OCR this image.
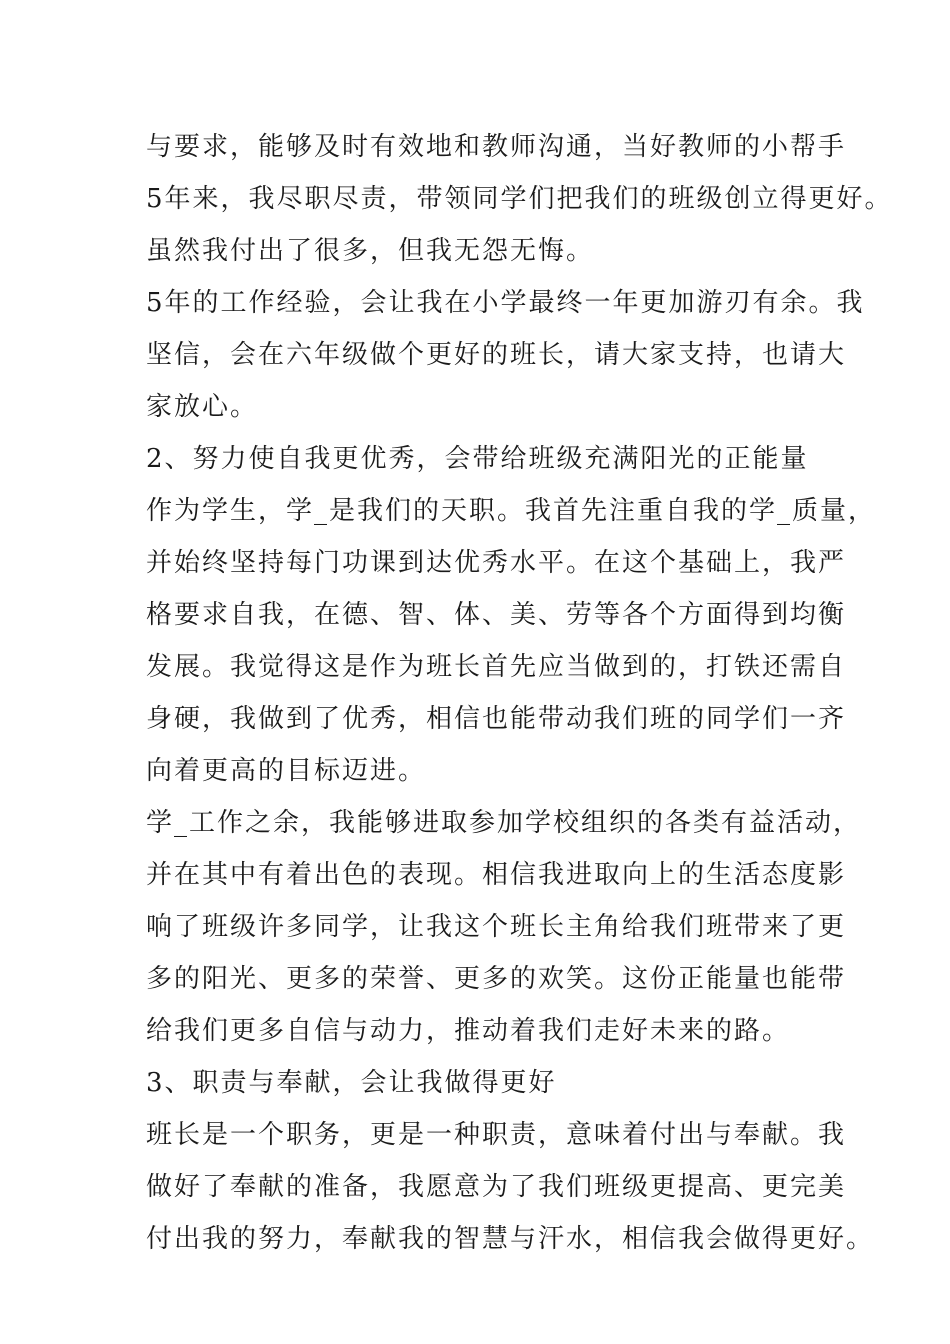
与要求，能够及时有效地和教师沟通，当好教师的小帮手
5年来，我尽职尽责，带领同学们把我们的班级创立得更好。
虽然我付出了很多，但我无怨无悔。
5年的工作经验，会让我在小学最终一年更加游刃有余。我
坚信，会在六年级做个更好的班长，请大家支持，也请大
家放心。
2、努力使自我更优秀，会带给班级充满阳光的正能量
作为学生，学_是我们的天职。我首先注重自我的学_质量，
并始终坚持每门功课到达优秀水平。在这个基础上，我严
格要求自我，在德、智、体、美、劳等各个方面得到均衡
发展。我觉得这是作为班长首先应当做到的，打铁还需自
身硬，我做到了优秀，相信也能带动我们班的同学们一齐
向着更高的目标迈进。
学_工作之余，我能够进取参加学校组织的各类有益活动，
并在其中有着出色的表现。相信我进取向上的生活态度影
响了班级许多同学，让我这个班长主角给我们班带来了更
多的阳光、更多的荣誉、更多的欢笑。这份正能量也能带
给我们更多自信与动力，推动着我们走好未来的路。
3、职责与奉献，会让我做得更好
班长是一个职务，更是一种职责，意味着付出与奉献。我
做好了奉献的准备，我愿意为了我们班级更提高、更完美
付出我的努力，奉献我的智慧与汗水，相信我会做得更好。
